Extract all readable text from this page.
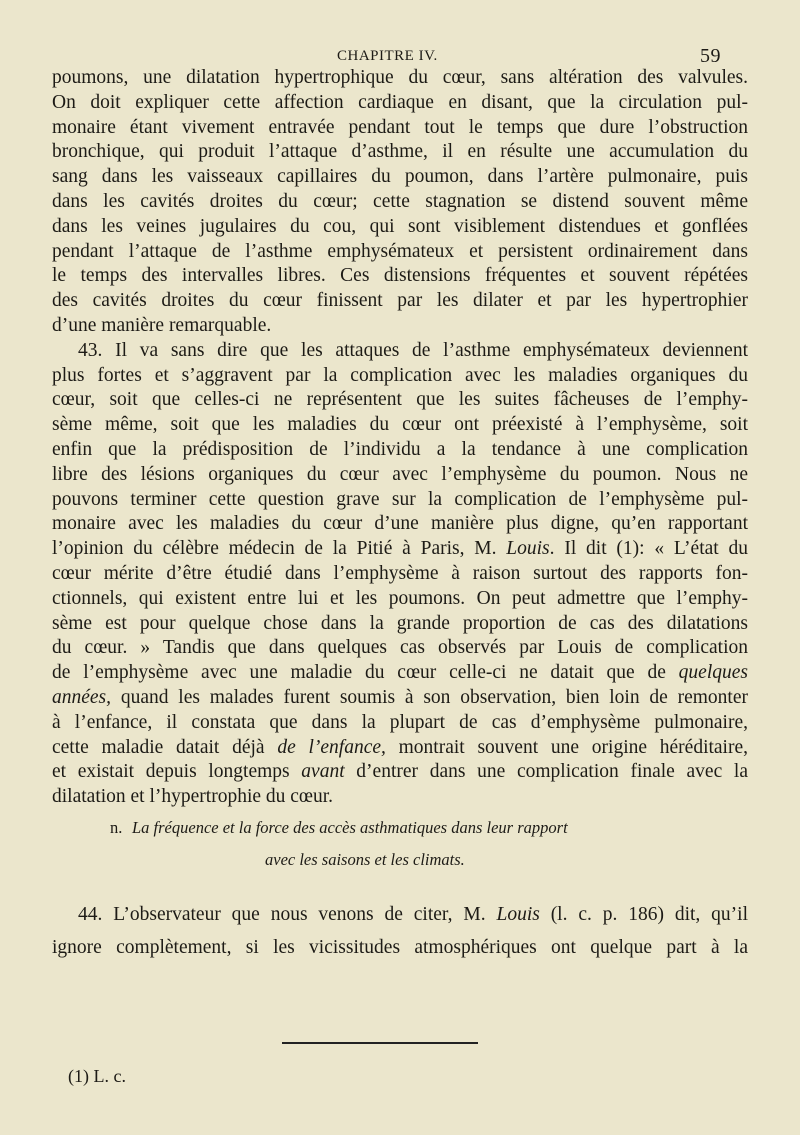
CHAPITRE IV.	59
poumons, une dilatation hypertrophique du cœur, sans altération des valvules.
On doit expliquer cette affection cardiaque en disant, que la circulation pul-
monaire étant vivement entravée pendant tout le temps que dure l’obstruction
bronchique, qui produit l’attaque d’asthme, il en résulte une accumulation du
sang dans les vaisseaux capillaires du poumon, dans l’artère pulmonaire, puis
dans les cavités droites du cœur; cette stagnation se distend souvent même
dans les veines jugulaires du cou, qui sont visiblement distendues et gonflées
pendant l’attaque de l’asthme emphysémateux et persistent ordinairement dans
le temps des intervalles libres. Ces distensions fréquentes et souvent répétées
des cavités droites du cœur finissent par les dilater et par les hypertrophier
d’une manière remarquable.
43. Il va sans dire que les attaques de l’asthme emphysémateux deviennent
plus fortes et s’aggravent par la complication avec les maladies organiques du
cœur, soit que celles-ci ne représentent que les suites fâcheuses de l’emphy-
sème même, soit que les maladies du cœur ont préexisté à l’emphysème, soit
enfin que la prédisposition de l’individu a la tendance à une complication
libre des lésions organiques du cœur avec l’emphysème du poumon. Nous ne
pouvons terminer cette question grave sur la complication de l’emphysème pul-
monaire avec les maladies du cœur d’une manière plus digne, qu’en rapportant
l’opinion du célèbre médecin de la Pitié à Paris, M. Louis. Il dit (1): « L’état du
cœur mérite d’être étudié dans l’emphysème à raison surtout des rapports fon-
ctionnels, qui existent entre lui et les poumons. On peut admettre que l’emphy-
sème est pour quelque chose dans la grande proportion de cas des dilatations
du cœur. » Tandis que dans quelques cas observés par Louis de complication
de l’emphysème avec une maladie du cœur celle-ci ne datait que de quelques
années, quand les malades furent soumis à son observation, bien loin de remonter
à l’enfance, il constata que dans la plupart de cas d’emphysème pulmonaire,
cette maladie datait déjà de l’enfance, montrait souvent une origine héréditaire,
et existait depuis longtemps avant d’entrer dans une complication finale avec la
dilatation et l’hypertrophie du cœur.
n. La fréquence et la force des accès asthmatiques dans leur rapport
avec les saisons et les climats.
44. L’observateur que nous venons de citer, M. Louis (l. c. p. 186) dit, qu’il
ignore complètement, si les vicissitudes atmosphériques ont quelque part à la
(1) L. c.
